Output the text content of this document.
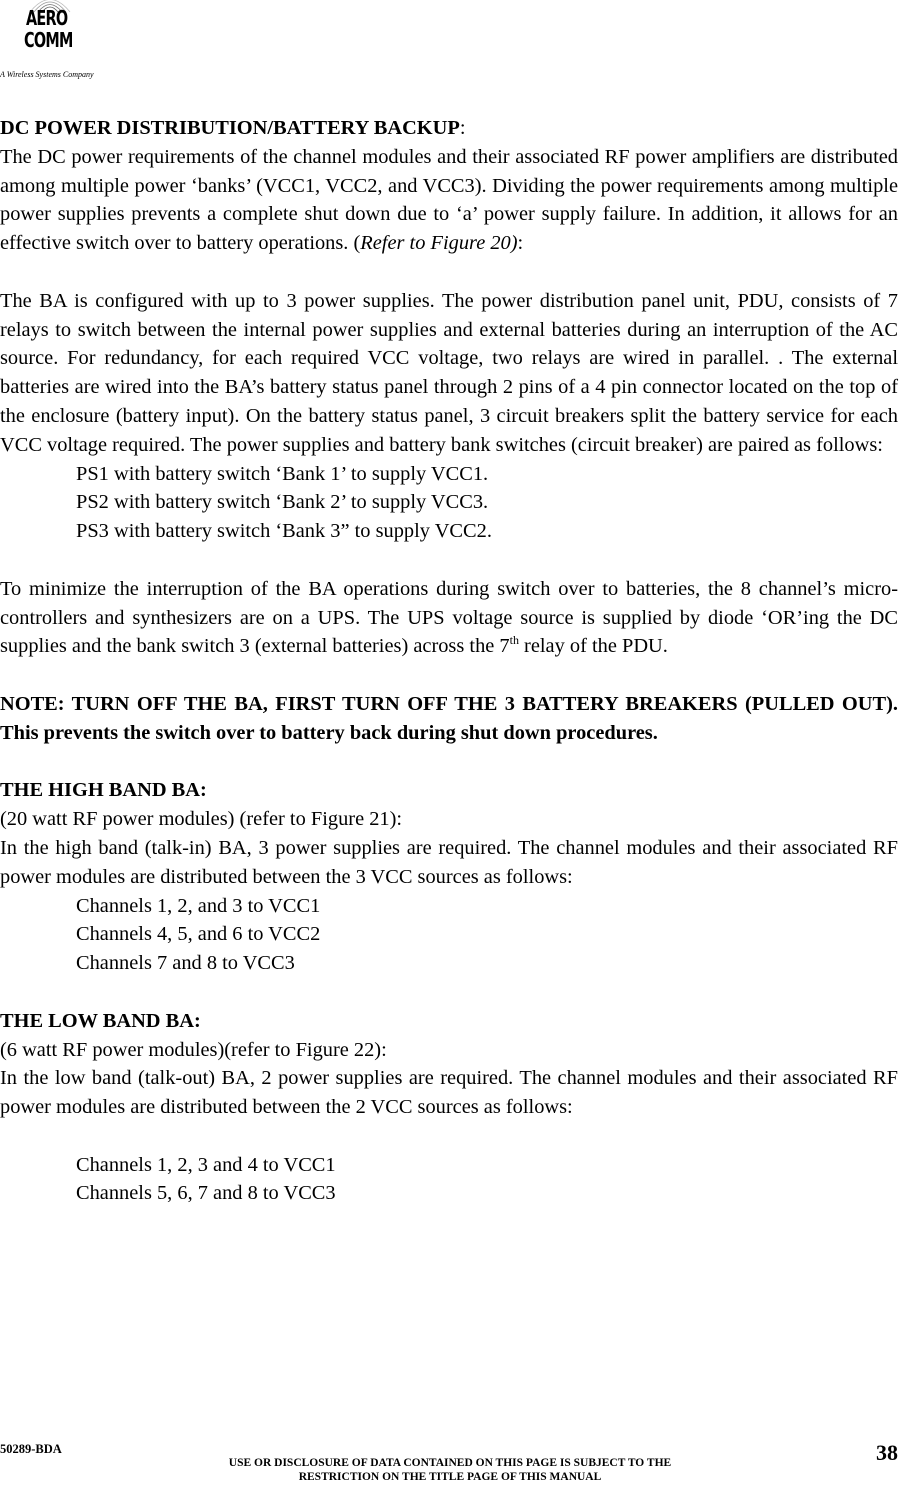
AERO
COMM
A Wireless Systems Company

DC POWER DISTRIBUTION/BATTERY BACKUP:

The DC power requirements of the channel modules and their associated RF power amplifiers are distributed among multiple power ‘banks’ (VCC1, VCC2, and VCC3). Dividing the power requirements among multiple power supplies prevents a complete shut down due to ‘a’ power supply failure. In addition, it allows for an effective switch over to battery operations. (Refer to Figure 20):

The BA is configured with up to 3 power supplies. The power distribution panel unit, PDU, consists of 7 relays to switch between the internal power supplies and external batteries during an interruption of the AC source. For redundancy, for each required VCC voltage, two relays are wired in parallel. . The external batteries are wired into the BA’s battery status panel through 2 pins of a 4 pin connector located on the top of the enclosure (battery input). On the battery status panel, 3 circuit breakers split the battery service for each VCC voltage required. The power supplies and battery bank switches (circuit breaker) are paired as follows:

PS1 with battery switch ‘Bank 1’ to supply VCC1.

PS2 with battery switch ‘Bank 2’ to supply VCC3.

PS3 with battery switch ‘Bank 3” to supply VCC2.

To minimize the interruption of the BA operations during switch over to batteries, the 8 channel’s micro-controllers and synthesizers are on a UPS. The UPS voltage source is supplied by diode ‘OR’ing the DC supplies and the bank switch 3 (external batteries) across the 7th relay of the PDU.

NOTE: TURN OFF THE BA, FIRST TURN OFF THE 3 BATTERY BREAKERS (PULLED OUT). This prevents the switch over to battery back during shut down procedures.

THE HIGH BAND BA:

(20 watt RF power modules) (refer to Figure 21):

In the high band (talk-in) BA, 3 power supplies are required. The channel modules and their associated RF power modules are distributed between the 3 VCC sources as follows:

Channels 1, 2, and 3 to VCC1

Channels 4, 5, and 6 to VCC2

Channels 7 and 8 to VCC3

THE LOW BAND BA:

(6 watt RF power modules)(refer to Figure 22):

In the low band (talk-out) BA, 2 power supplies are required. The channel modules and their associated RF power modules are distributed between the 2 VCC sources as follows:

Channels 1, 2, 3 and 4 to VCC1

Channels 5, 6, 7 and 8 to VCC3

50289-BDA
USE OR DISCLOSURE OF DATA CONTAINED ON THIS PAGE IS SUBJECT TO THE
RESTRICTION ON THE TITLE PAGE OF THIS MANUAL
38
